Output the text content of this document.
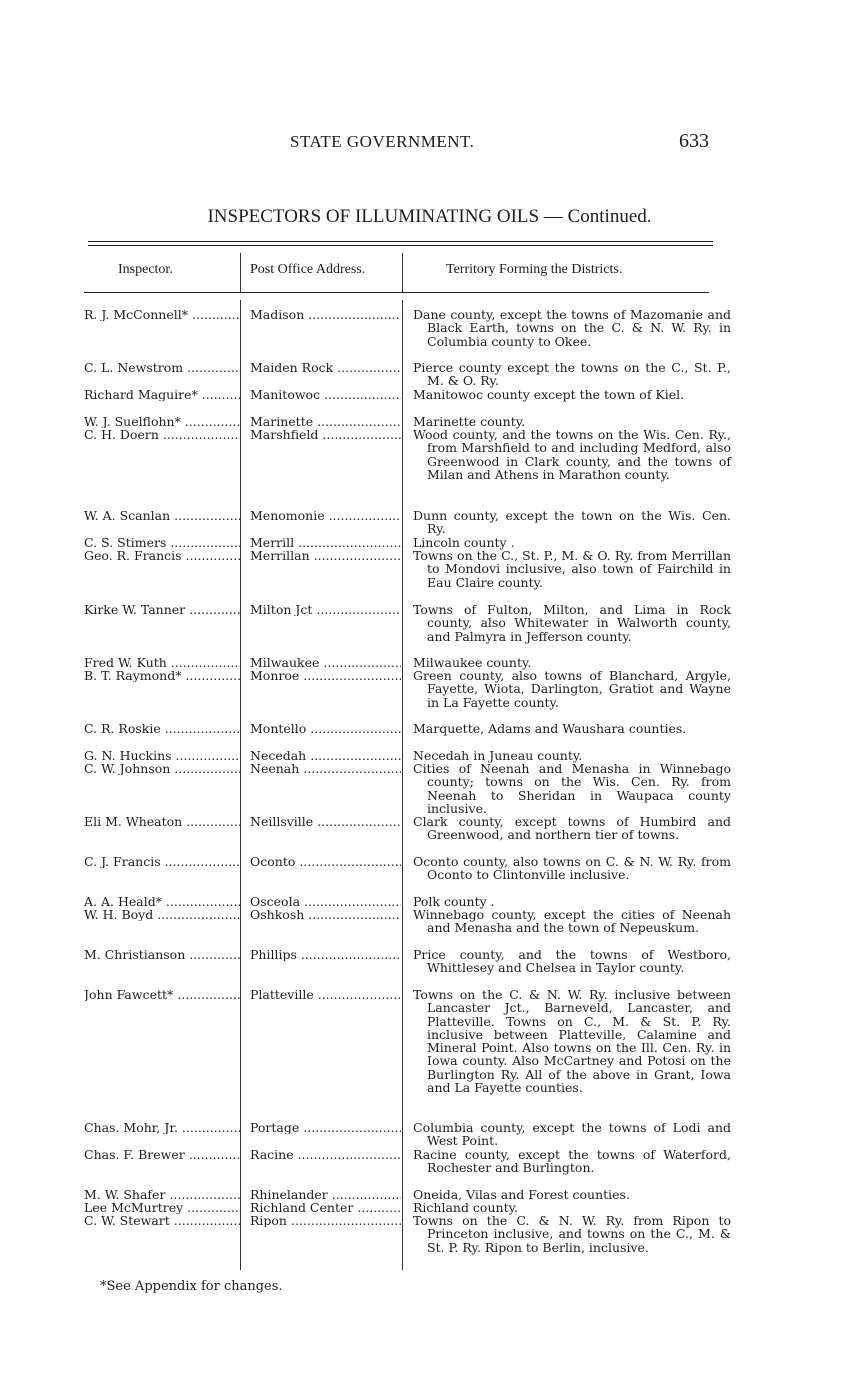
STATE GOVERNMENT.	633
INSPECTORS OF ILLUMINATING OILS — Continued.
Inspector.	Post Office Address.	Territory Forming the Districts.
R. J. McConnell* .....	Madison .....	Dane county, except the towns of Mazomanie and Black Earth, towns on the C. & N. W. Ry. in Columbia county to Okee.
C. L. Newstrom .....	Maiden Rock .....	Pierce county except the towns on the C., St. P., M. & O. Ry.
Richard Maguire* .....	Manitowoc .....	Manitowoc county except the town of Kiel.
W. J. Suelflohn* .....	Marinette .....	Marinette county.
C. H. Doern .....	Marshfield .....	Wood county, and the towns on the Wis. Cen. Ry., from Marshfield to and including Medford, also Greenwood in Clark county, and the towns of Milan and Athens in Marathon county.
W. A. Scanlan .....	Menomonie .....	Dunn county, except the town on the Wis. Cen. Ry.
C. S. Stimers .....	Merrill .....	Lincoln county .
Geo. R. Francis .....	Merrillan .....	Towns on the C., St. P., M. & O. Ry. from Merrillan to Mondovi inclusive, also town of Fairchild in Eau Claire county.
Kirke W. Tanner .....	Milton Jct .....	Towns of Fulton, Milton, and Lima in Rock county, also Whitewater in Walworth county, and Palmyra in Jefferson county.
Fred W. Kuth .....	Milwaukee .....	Milwaukee county.
B. T. Raymond* .....	Monroe .....	Green county, also towns of Blanchard, Argyle, Fayette, Wiota, Darlington, Gratiot and Wayne in La Fayette county.
C. R. Roskie .....	Montello .....	Marquette, Adams and Waushara counties.
G. N. Huckins .....	Necedah .....	Necedah in Juneau county.
C. W. Johnson .....	Neenah .....	Cities of Neenah and Menasha in Winnebago county; towns on the Wis. Cen. Ry. from Neenah to Sheridan in Waupaca county inclusive.
Eli M. Wheaton .....	Neillsville .....	Clark county, except towns of Humbird and Greenwood, and northern tier of towns.
C. J. Francis .....	Oconto .....	Oconto county, also towns on C. & N. W. Ry. from Oconto to Clintonville inclusive.
A. A. Heald* .....	Osceola .....	Polk county .
W. H. Boyd .....	Oshkosh .....	Winnebago county, except the cities of Neenah and Menasha and the town of Nepeuskum.
M. Christianson .....	Phillips .....	Price county, and the towns of Westboro, Whittlesey and Chelsea in Taylor county.
John Fawcett* .....	Platteville .....	Towns on the C. & N. W. Ry. inclusive between Lancaster Jct., Barneveld, Lancaster, and Platteville. Towns on C., M. & St. P. Ry. inclusive between Platteville, Calamine and Mineral Point. Also towns on the Ill. Cen. Ry. in Iowa county. Also McCartney and Potosi on the Burlington Ry. All of the above in Grant, Iowa and La Fayette counties.
Chas. Mohr, Jr. .....	Portage .....	Columbia county, except the towns of Lodi and West Point.
Chas. F. Brewer .....	Racine .....	Racine county, except the towns of Waterford, Rochester and Burlington.
M. W. Shafer .....	Rhinelander .....	Oneida, Vilas and Forest counties.
Lee McMurtrey .....	Richland Center .....	Richland county.
C. W. Stewart .....	Ripon .....	Towns on the C. & N. W. Ry. from Ripon to Princeton inclusive, and towns on the C., M. & St. P. Ry. Ripon to Berlin, inclusive.
*See Appendix for changes.
